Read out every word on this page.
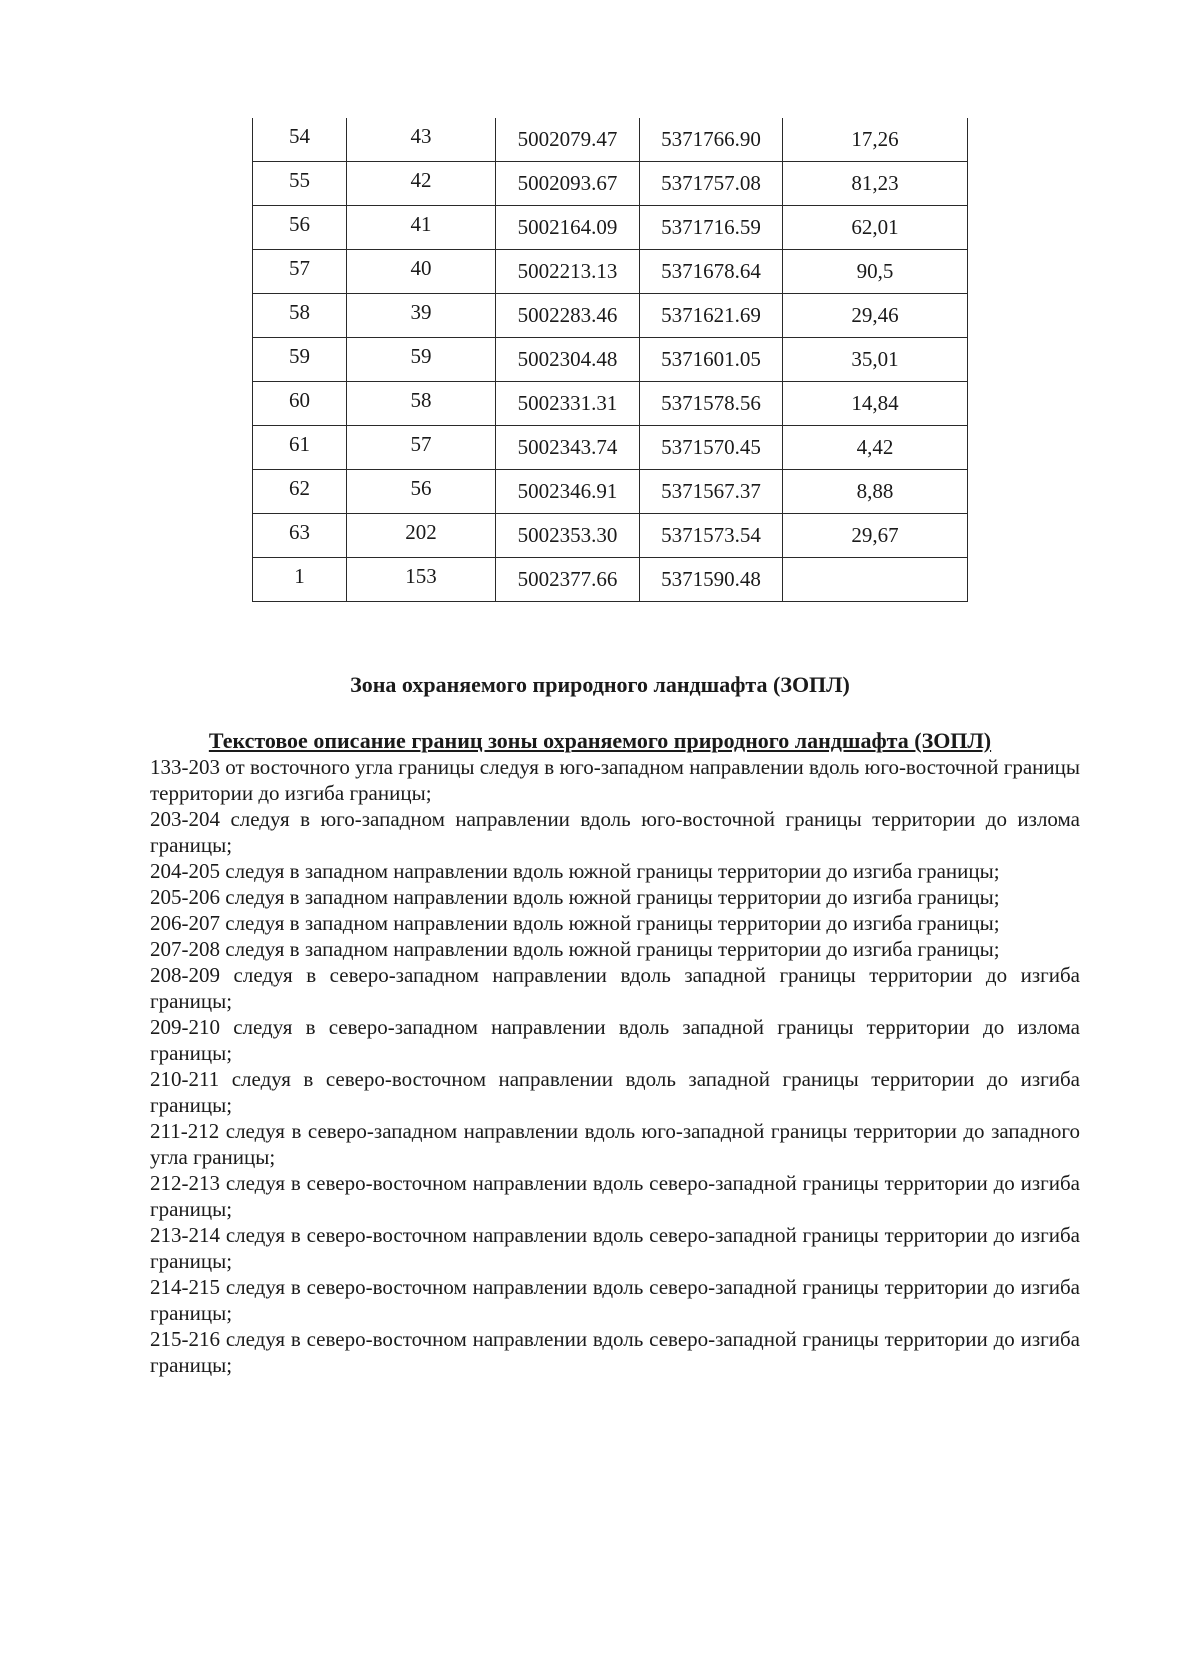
54	43	5002079.47	5371766.90	17,26
55	42	5002093.67	5371757.08	81,23
56	41	5002164.09	5371716.59	62,01
57	40	5002213.13	5371678.64	90,5
58	39	5002283.46	5371621.69	29,46
59	59	5002304.48	5371601.05	35,01
60	58	5002331.31	5371578.56	14,84
61	57	5002343.74	5371570.45	4,42
62	56	5002346.91	5371567.37	8,88
63	202	5002353.30	5371573.54	29,67
1	153	5002377.66	5371590.48	
Зона охраняемого природного ландшафта (ЗОПЛ)
Текстовое описание границ зоны охраняемого природного ландшафта (ЗОПЛ)
133-203 от восточного угла границы следуя в юго-западном направлении вдоль юго-восточной границы территории до изгиба границы;
203-204 следуя в юго-западном направлении вдоль юго-восточной границы территории до излома границы;
204-205 следуя в западном направлении вдоль южной границы территории до изгиба границы;
205-206 следуя в западном направлении вдоль южной границы территории до изгиба границы;
206-207 следуя в западном направлении вдоль южной границы территории до изгиба границы;
207-208 следуя в западном направлении вдоль южной границы территории до изгиба границы;
208-209 следуя в северо-западном направлении вдоль западной границы территории до изгиба границы;
209-210 следуя в северо-западном направлении вдоль западной границы территории до излома границы;
210-211 следуя в северо-восточном направлении вдоль западной границы территории до изгиба границы;
211-212 следуя в северо-западном направлении вдоль юго-западной границы территории до западного угла границы;
212-213 следуя в северо-восточном направлении вдоль северо-западной границы территории до изгиба границы;
213-214 следуя в северо-восточном направлении вдоль северо-западной границы территории до изгиба границы;
214-215 следуя в северо-восточном направлении вдоль северо-западной границы территории до изгиба границы;
215-216 следуя в северо-восточном направлении вдоль северо-западной границы территории до изгиба границы;
